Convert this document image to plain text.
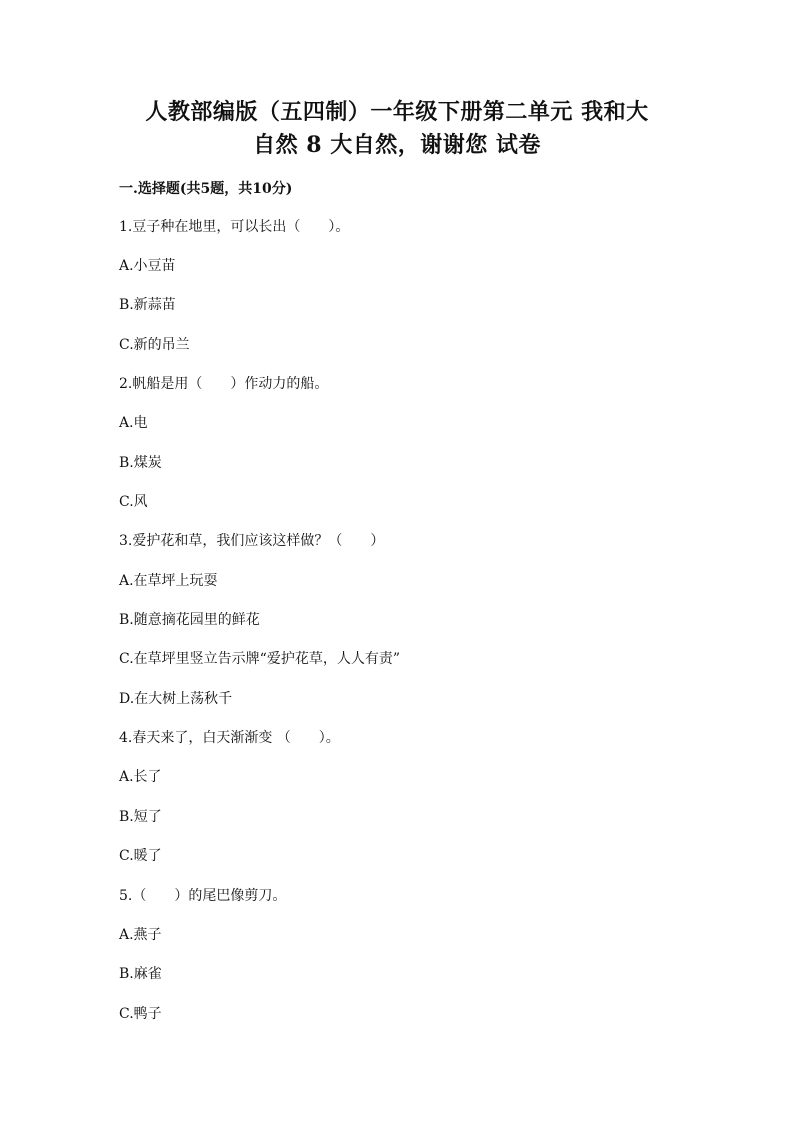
人教部编版（五四制）一年级下册第二单元 我和大
自然 8 大自然，谢谢您 试卷
一.选择题(共5题，共10分)
1.豆子种在地里，可以长出（　　）。
A.小豆苗
B.新蒜苗
C.新的吊兰
2.帆船是用（　　）作动力的船。
A.电
B.煤炭
C.风
3.爱护花和草，我们应该这样做？（　　）
A.在草坪上玩耍
B.随意摘花园里的鲜花
C.在草坪里竖立告示牌“爱护花草，人人有责”
D.在大树上荡秋千
4.春天来了，白天渐渐变 （　　）。
A.长了
B.短了
C.暖了
5.（　　）的尾巴像剪刀。
A.燕子
B.麻雀
C.鸭子
